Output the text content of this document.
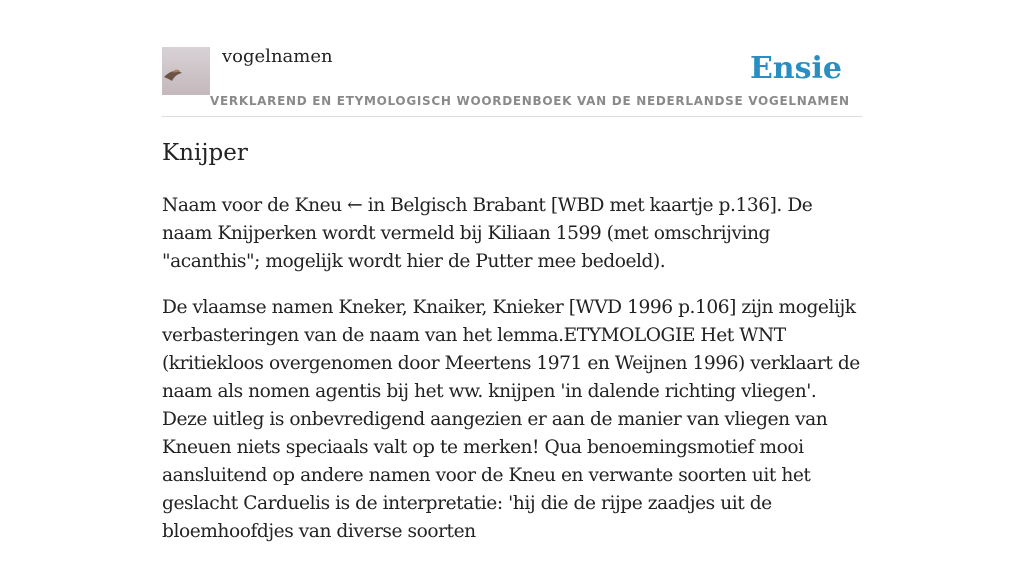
vogelnamen	Ensie
VERKLAREND EN ETYMOLOGISCH WOORDENBOEK VAN DE NEDERLANDSE VOGELNAMEN
Knijper

Naam voor de Kneu ← in Belgisch Brabant [WBD met kaartje p.136]. De naam Knijperken wordt vermeld bij Kiliaan 1599 (met omschrijving "acanthis"; mogelijk wordt hier de Putter mee bedoeld).

De vlaamse namen Kneker, Knaiker, Knieker [WVD 1996 p.106] zijn mogelijk verbasteringen van de naam van het lemma.ETYMOLOGIE Het WNT (kritiekloos overgenomen door Meertens 1971 en Weijnen 1996) verklaart de naam als nomen agentis bij het ww. knijpen 'in dalende richting vliegen'. Deze uitleg is onbevredigend aangezien er aan de manier van vliegen van Kneuen niets speciaals valt op te merken! Qua benoemingsmotief mooi aansluitend op andere namen voor de Kneu en verwante soorten uit het geslacht Carduelis is de interpretatie: 'hij die de rijpe zaadjes uit de bloemhoofdjes van diverse soorten
